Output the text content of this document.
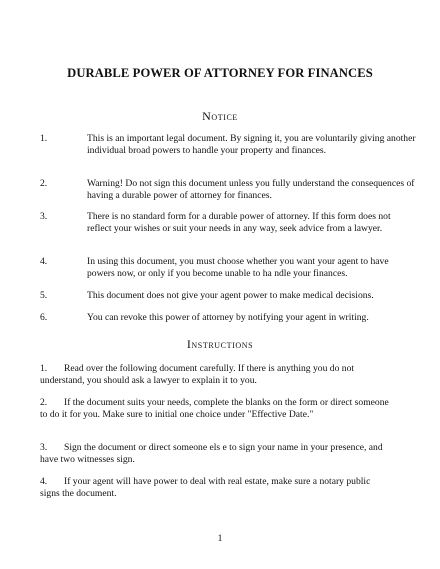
DURABLE POWER OF ATTORNEY FOR FINANCES
Notice
1.	This is an important legal document. By signing it, you are voluntarily giving another individual broad powers to handle your property and finances.
2.	Warning! Do not sign this document unless you fully understand the consequences of having a durable power of attorney for finances.
3.	There is no standard form for a durable power of attorney. If this form does not reflect your wishes or suit your needs in any way, seek advice from a lawyer.
4.	In using this document, you must choose whether you want your agent to have powers now, or only if you become unable to ha ndle your finances.
5.	This document does not give your agent power to make medical decisions.
6.	You can revoke this power of attorney by notifying your agent in writing.
Instructions
1.	Read over the following document carefully. If there is anything you do not understand, you should ask a lawyer to explain it to you.
2.	If the document suits your needs, complete the blanks on the form or direct someone to do it for you. Make sure to initial one choice under "Effective Date."
3.	Sign the document or direct someone els e to sign your name in your presence, and have two witnesses sign.
4.	If your agent will have power to deal with real estate, make sure a notary public signs the document.
1
